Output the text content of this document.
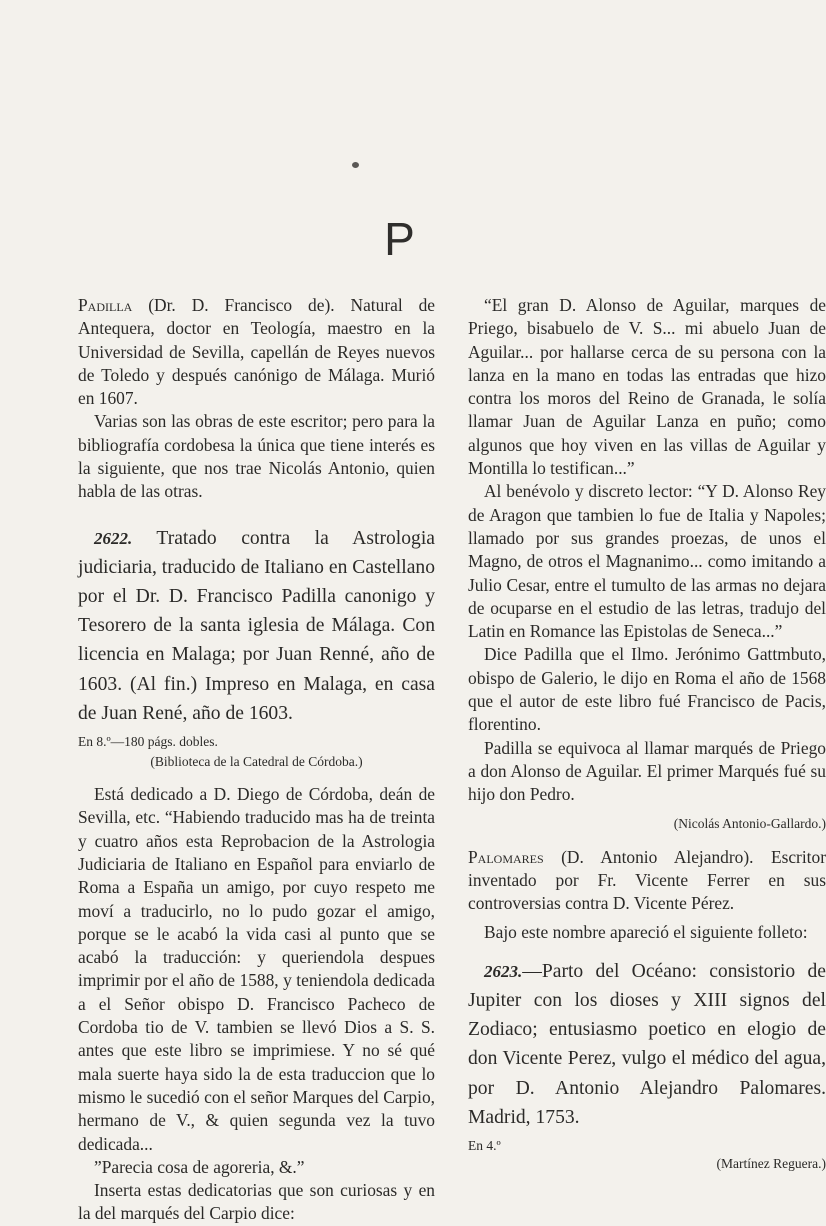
P

Padilla (Dr. D. Francisco de). Natural de Antequera, doctor en Teología, maestro en la Universidad de Sevilla, capellán de Reyes nuevos de Toledo y después canónigo de Málaga. Murió en 1607.

Varias son las obras de este escritor; pero para la bibliografía cordobesa la única que tiene interés es la siguiente, que nos trae Nicolás Antonio, quien habla de las otras.

2622. Tratado contra la Astrologia judiciaria, traducido de Italiano en Castellano por el Dr. D. Francisco Padilla canonigo y Tesorero de la santa iglesia de Málaga. Con licencia en Malaga; por Juan Renné, año de 1603. (Al fin.) Impreso en Malaga, en casa de Juan René, año de 1603.

En 8.º—180 págs. dobles.

(Biblioteca de la Catedral de Córdoba.)

Está dedicado a D. Diego de Córdoba, deán de Sevilla, etc. “Habiendo traducido mas ha de treinta y cuatro años esta Reprobacion de la Astrologia Judiciaria de Italiano en Español para enviarlo de Roma a España un amigo, por cuyo respeto me moví a traducirlo, no lo pudo gozar el amigo, porque se le acabó la vida casi al punto que se acabó la traducción: y queriendola despues imprimir por el año de 1588, y teniendola dedicada a el Señor obispo D. Francisco Pacheco de Cordoba tio de V. tambien se llevó Dios a S. S. antes que este libro se imprimiese. Y no sé qué mala suerte haya sido la de esta traduccion que lo mismo le sucedió con el señor Marques del Carpio, hermano de V., & quien segunda vez la tuvo dedicada...

”Parecia cosa de agoreria, &.”

Inserta estas dedicatorias que son curiosas y en la del marqués del Carpio dice:

“El gran D. Alonso de Aguilar, marques de Priego, bisabuelo de V. S... mi abuelo Juan de Aguilar... por hallarse cerca de su persona con la lanza en la mano en todas las entradas que hizo contra los moros del Reino de Granada, le solía llamar Juan de Aguilar Lanza en puño; como algunos que hoy viven en las villas de Aguilar y Montilla lo testifican...”

Al benévolo y discreto lector: “Y D. Alonso Rey de Aragon que tambien lo fue de Italia y Napoles; llamado por sus grandes proezas, de unos el Magno, de otros el Magnanimo... como imitando a Julio Cesar, entre el tumulto de las armas no dejara de ocuparse en el estudio de las letras, tradujo del Latin en Romance las Epistolas de Seneca...”

Dice Padilla que el Ilmo. Jerónimo Gattmbuto, obispo de Galerio, le dijo en Roma el año de 1568 que el autor de este libro fué Francisco de Pacis, florentino.

Padilla se equivoca al llamar marqués de Priego a don Alonso de Aguilar. El primer Marqués fué su hijo don Pedro.

(Nicolás Antonio-Gallardo.)

Palomares (D. Antonio Alejandro). Escritor inventado por Fr. Vicente Ferrer en sus controversias contra D. Vicente Pérez.

Bajo este nombre apareció el siguiente folleto:

2623.—Parto del Océano: consistorio de Jupiter con los dioses y XIII signos del Zodiaco; entusiasmo poetico en elogio de don Vicente Perez, vulgo el médico del agua, por D. Antonio Alejandro Palomares. Madrid, 1753.

En 4.º

(Martínez Reguera.)
